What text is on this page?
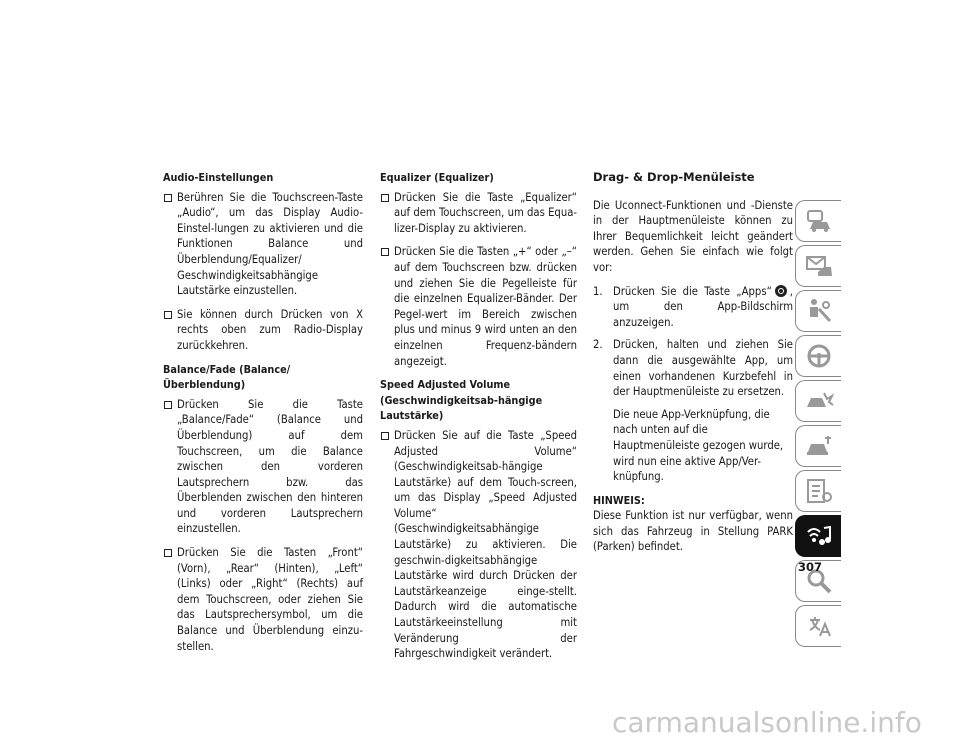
Audio-Einstellungen
Berühren Sie die Touchscreen-Taste „Audio“, um das Display Audio-Einstel-lungen zu aktivieren und die Funktionen Balance und Überblendung/Equalizer/ Geschwindigkeitsabhängige Lautstärke einzustellen.
Sie können durch Drücken von X rechts oben zum Radio-Display zurückkehren.
Balance/Fade (Balance/Überblendung)
Drücken Sie die Taste „Balance/Fade“ (Balance und Überblendung) auf dem Touchscreen, um die Balance zwischen den vorderen Lautsprechern bzw. das Überblenden zwischen den hinteren und vorderen Lautsprechern einzustellen.
Drücken Sie die Tasten „Front“ (Vorn), „Rear“ (Hinten), „Left“ (Links) oder „Right“ (Rechts) auf dem Touchscreen, oder ziehen Sie das Lautsprechersymbol, um die Balance und Überblendung einzu-stellen.
Equalizer (Equalizer)
Drücken Sie die Taste „Equalizer“ auf dem Touchscreen, um das Equa-lizer-Display zu aktivieren.
Drücken Sie die Tasten „+“ oder „–“ auf dem Touchscreen bzw. drücken und ziehen Sie die Pegelleiste für die einzelnen Equalizer-Bänder. Der Pegel-wert im Bereich zwischen plus und minus 9 wird unten an den einzelnen Frequenz-bändern angezeigt.
Speed Adjusted Volume (Geschwindigkeitsab-hängige Lautstärke)
Drücken Sie auf die Taste „Speed Adjusted Volume“ (Geschwindigkeitsab-hängige Lautstärke) auf dem Touch-screen, um das Display „Speed Adjusted Volume“ (Geschwindigkeitsabhängige Lautstärke) zu aktivieren. Die geschwin-digkeitsabhängige Lautstärke wird durch Drücken der Lautstärkeanzeige einge-stellt. Dadurch wird die automatische Lautstärkeeinstellung mit Veränderung der Fahrgeschwindigkeit verändert.
Drag- & Drop-Menüleiste
Die Uconnect-Funktionen und -Dienste in der Hauptmenüleiste können zu Ihrer Bequemlichkeit leicht geändert werden. Gehen Sie einfach wie folgt vor:
1. Drücken Sie die Taste „Apps“ , um den App-Bildschirm anzuzeigen.
2. Drücken, halten und ziehen Sie dann die ausgewählte App, um einen vorhandenen Kurzbefehl in der Hauptmenüleiste zu ersetzen.
Die neue App-Verknüpfung, die nach unten auf die Hauptmenüleiste gezogen wurde, wird nun eine aktive App/Ver-knüpfung.
HINWEIS:
Diese Funktion ist nur verfügbar, wenn sich das Fahrzeug in Stellung PARK (Parken) befindet.
307
carmanualsonline.info
